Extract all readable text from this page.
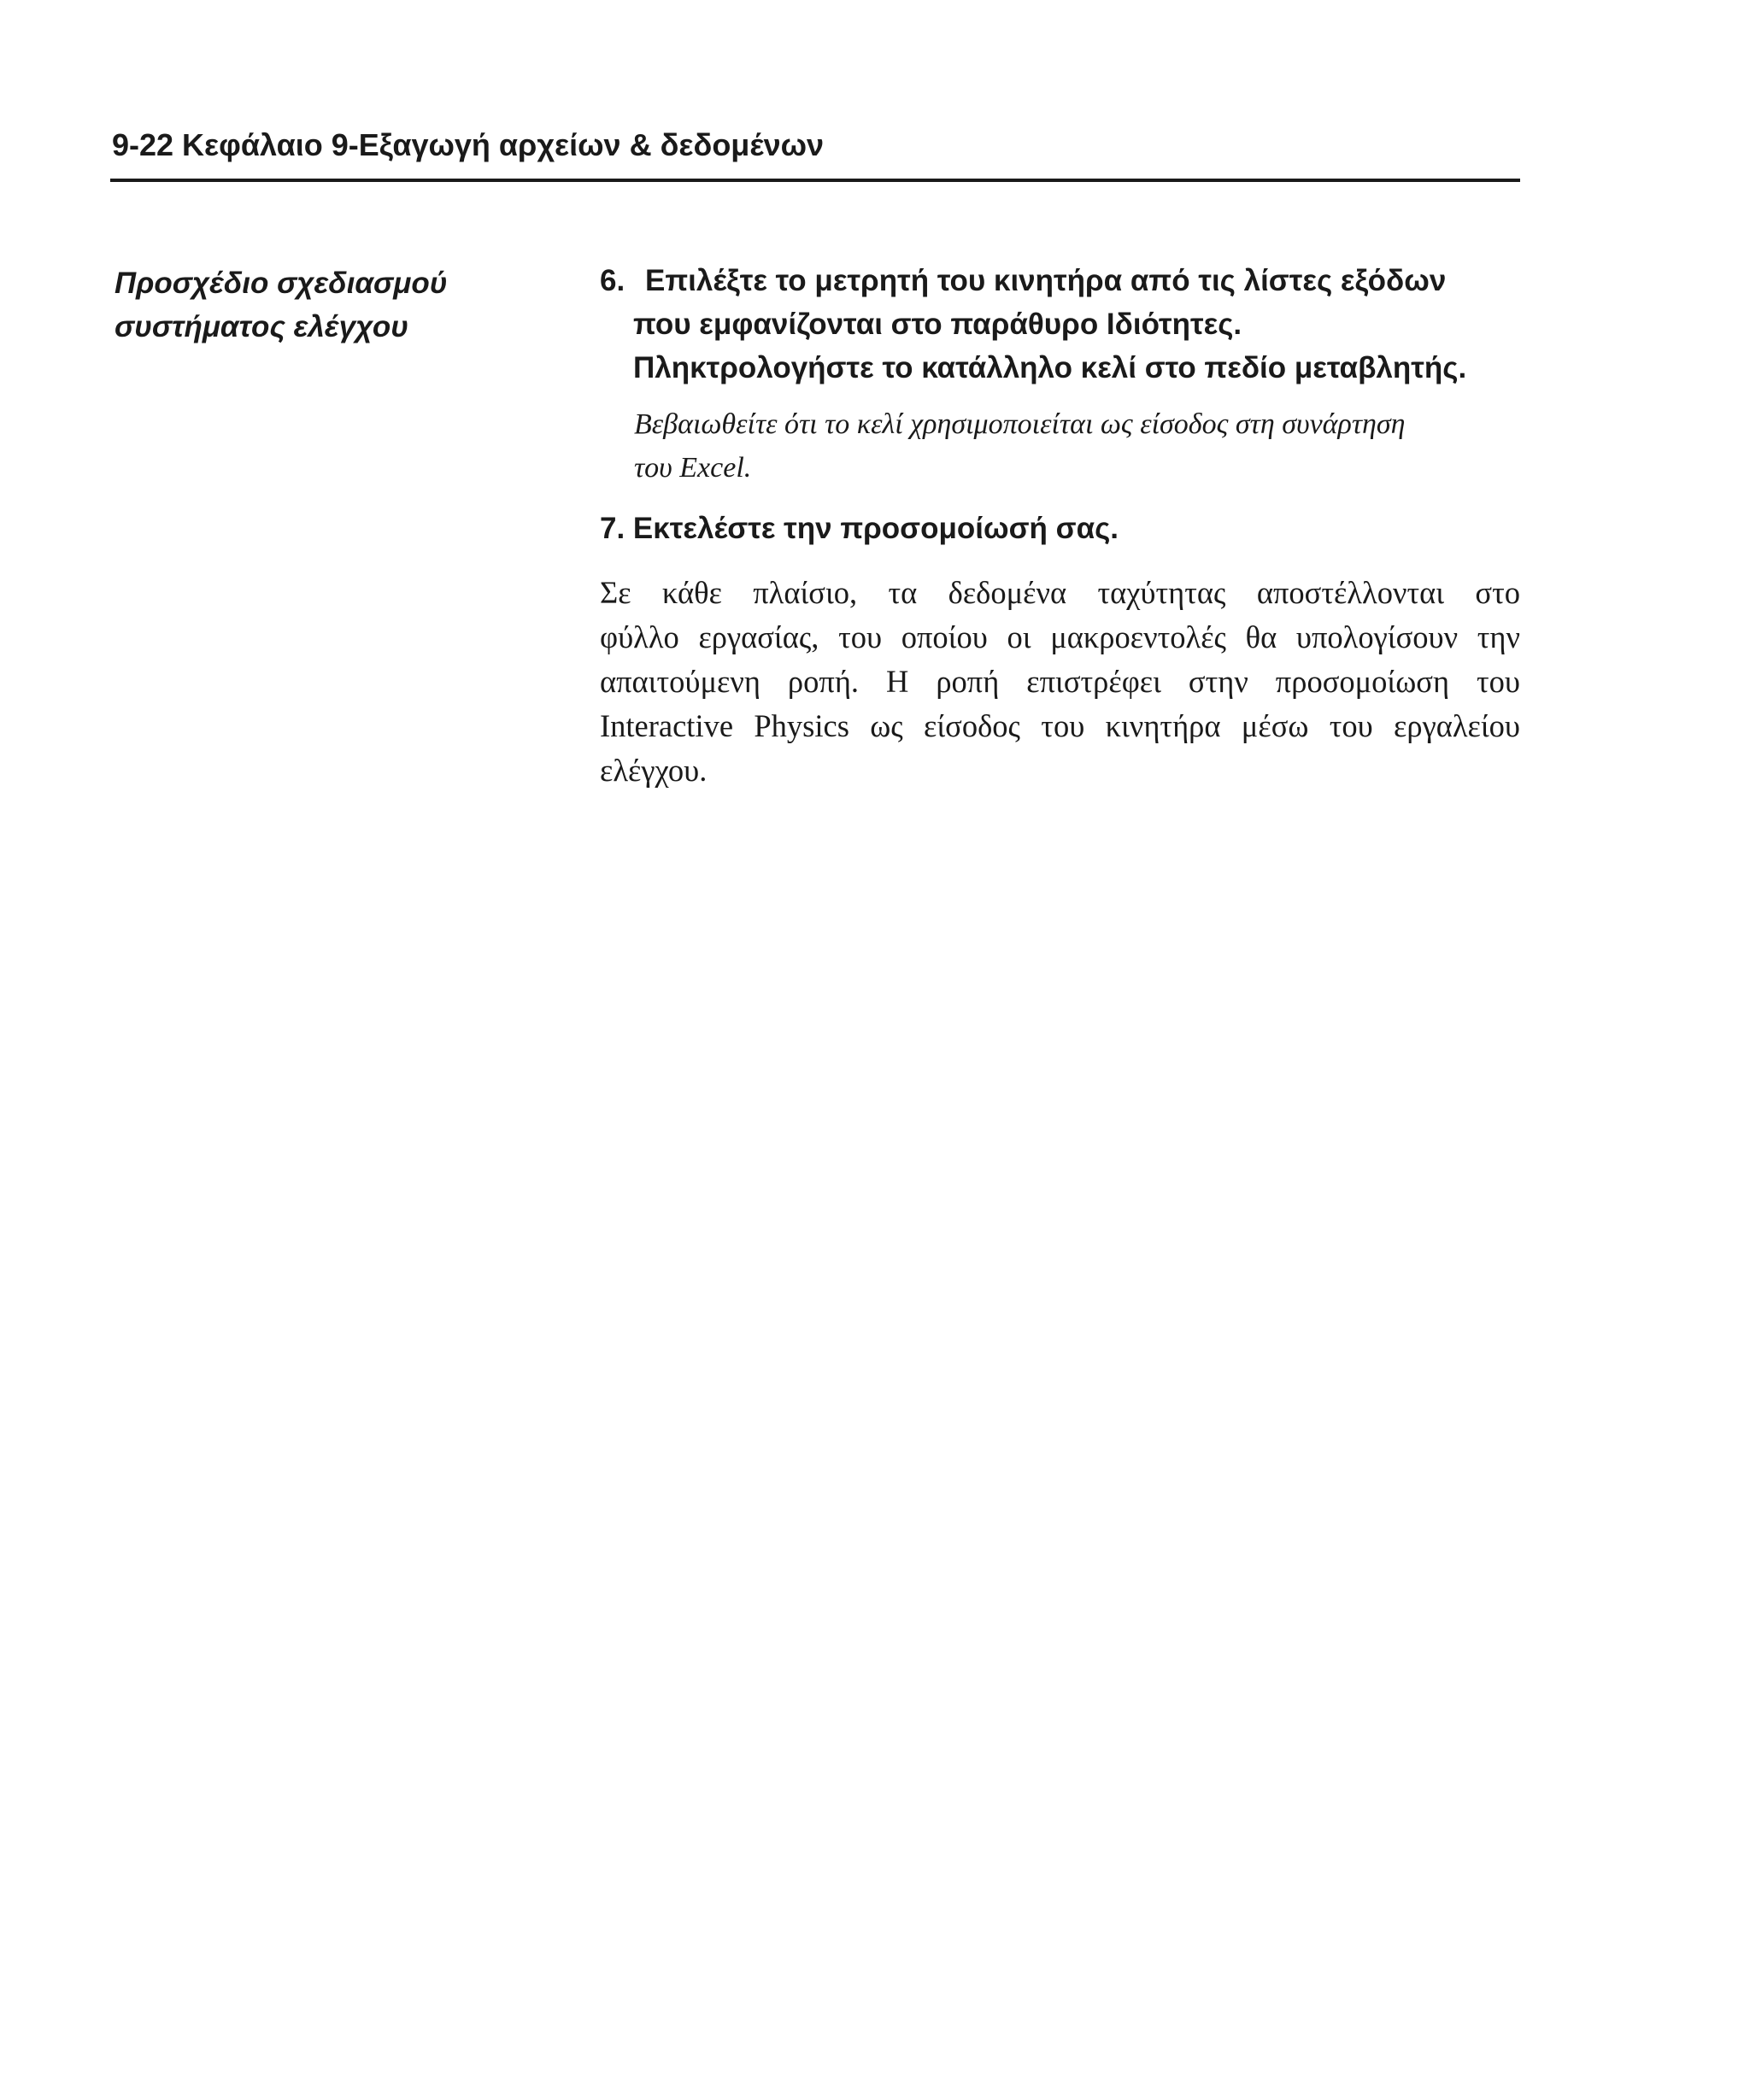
9-22 Κεφάλαιο 9-Εξαγωγή αρχείων & δεδομένων
Προσχέδιο σχεδιασμού
συστήματος ελέγχου
6. Επιλέξτε το μετρητή του κινητήρα από τις λίστες εξόδων
που εμφανίζονται στο παράθυρο Ιδιότητες.
Πληκτρολογήστε το κατάλληλο κελί στο πεδίο μεταβλητής.
Βεβαιωθείτε ότι το κελί χρησιμοποιείται ως είσοδος στη συνάρτηση
του Excel.
7. Εκτελέστε την προσομοίωσή σας.
Σε κάθε πλαίσιο, τα δεδομένα ταχύτητας αποστέλλονται στο
φύλλο εργασίας, του οποίου οι μακροεντολές θα υπολογίσουν την
απαιτούμενη ροπή. Η ροπή επιστρέφει στην προσομοίωση του
Interactive Physics ως είσοδος του κινητήρα μέσω του εργαλείου
ελέγχου.
